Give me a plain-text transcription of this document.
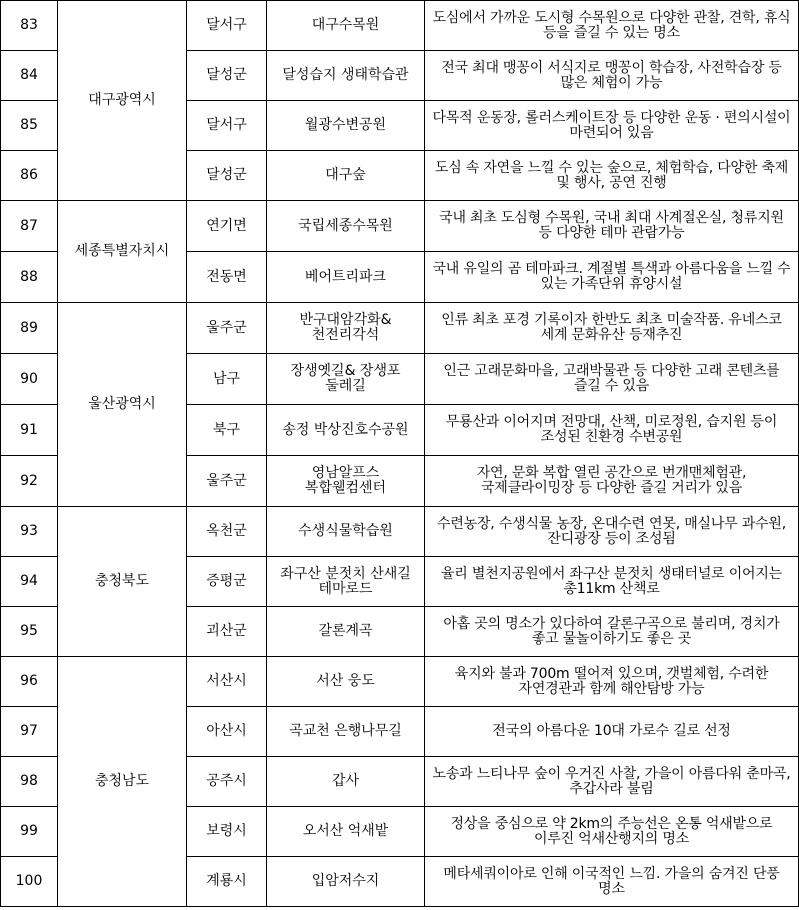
83	대구광역시	달서구	대구수목원	도심에서 가까운 도시형 수목원으로 다양한 관찰, 견학, 휴식 등을 즐길 수 있는 명소
84		달성군	달성습지 생태학습관	전국 최대 맹꽁이 서식지로 맹꽁이 학습장, 사전학습장 등 많은 체험이 가능
85		달서구	월광수변공원	다목적 운동장, 롤러스케이트장 등 다양한 운동 · 편의시설이 마련되어 있음
86		달성군	대구숲	도심 속 자연을 느낄 수 있는 숲으로, 체험학습, 다양한 축제 및 행사, 공연 진행
87	세종특별자치시	연기면	국립세종수목원	국내 최초 도심형 수목원, 국내 최대 사계절온실, 청류지원 등 다양한 테마 관람가능
88		전동면	베어트리파크	국내 유일의 곰 테마파크. 계절별 특색과 아름다움을 느낄 수 있는 가족단위 휴양시설
89	울산광역시	울주군	반구대암각화&천전리각석	인류 최초 포경 기록이자 한반도 최초 미술작품. 유네스코 세계 문화유산 등재추진
90		남구	장생옛길& 장생포 둘레길	인근 고래문화마을, 고래박물관 등 다양한 고래 콘텐츠를 즐길 수 있음
91		북구	송정 박상진호수공원	무룡산과 이어지며 전망대, 산책, 미로정원, 습지원 등이 조성된 친환경 수변공원
92		울주군	영남알프스 복합웰컴센터	자연, 문화 복합 열린 공간으로 번개맨체험관, 국제클라이밍장 등 다양한 즐길 거리가 있음
93	충청북도	옥천군	수생식물학습원	수련농장, 수생식물 농장, 온대수련 연못, 매실나무 과수원, 잔디광장 등이 조성됨
94		증평군	좌구산 분젓치 산새길 테마로드	율리 별천지공원에서 좌구산 분젓치 생태터널로 이어지는 총11km 산책로
95		괴산군	갈론계곡	아홉 곳의 명소가 있다하여 갈론구곡으로 불리며, 경치가 좋고 물놀이하기도 좋은 곳
96	충청남도	서산시	서산 웅도	육지와 불과 700m 떨어져 있으며, 갯벌체험, 수려한 자연경관과 함께 해안탐방 가능
97		아산시	곡교천 은행나무길	전국의 아름다운 10대 가로수 길로 선정
98		공주시	갑사	노송과 느티나무 숲이 우거진 사찰, 가을이 아름다워 춘마곡, 추갑사라 불림
99		보령시	오서산 억새밭	정상을 중심으로 약 2km의 주능선은 온통 억새밭으로 이루진 억새산행지의 명소
100		계룡시	입암저수지	메타세쿼이아로 인해 이국적인 느낌. 가을의 숨겨진 단풍 명소
